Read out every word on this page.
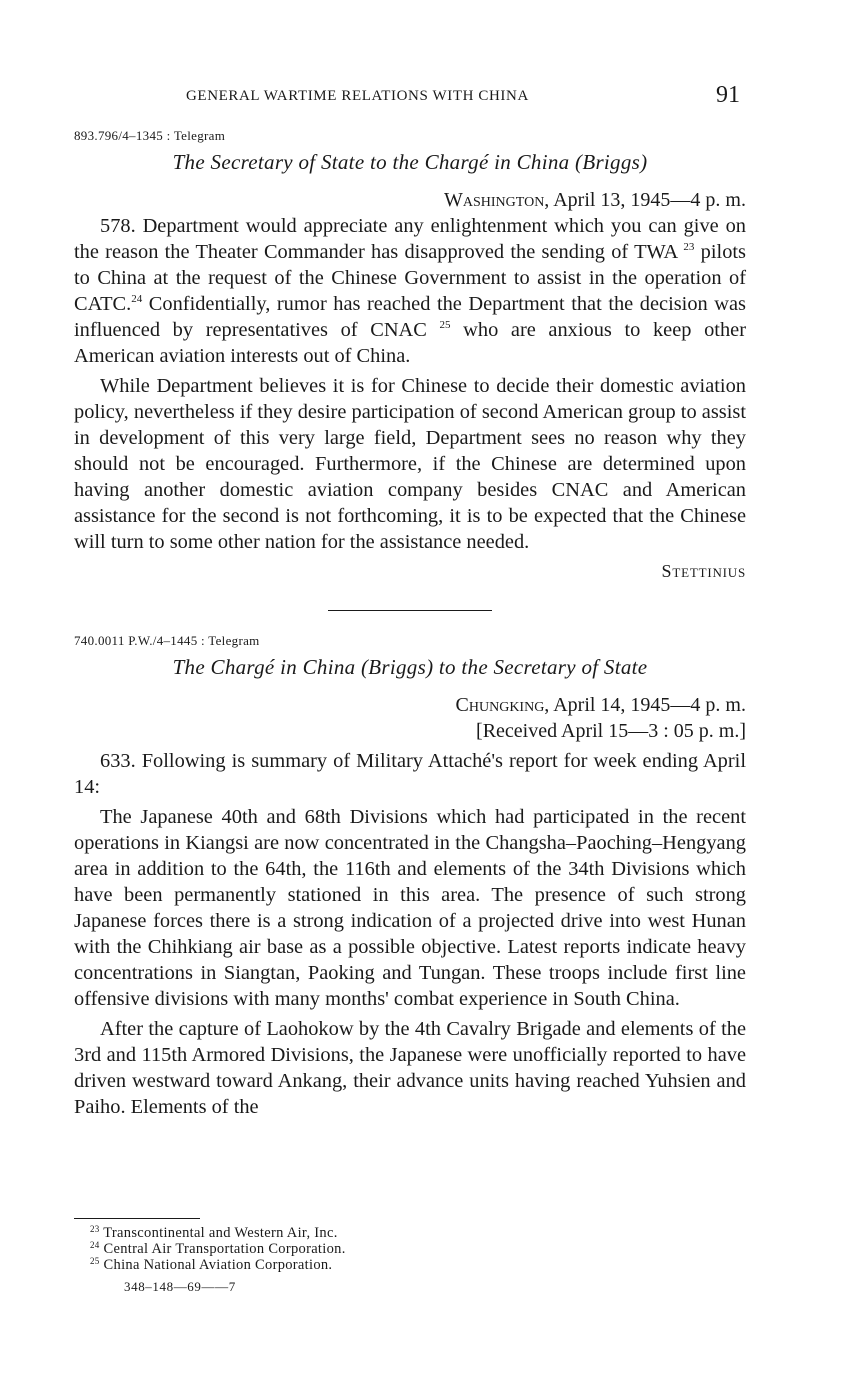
GENERAL WARTIME RELATIONS WITH CHINA	91

893.796/4–1345 : Telegram

The Secretary of State to the Chargé in China (Briggs)

Washington, April 13, 1945—4 p. m.

578. Department would appreciate any enlightenment which you can give on the reason the Theater Commander has disapproved the sending of TWA $^{23}$ pilots to China at the request of the Chinese Government to assist in the operation of CATC.$^{24}$ Confidentially, rumor has reached the Department that the decision was influenced by representatives of CNAC $^{25}$ who are anxious to keep other American aviation interests out of China.

While Department believes it is for Chinese to decide their domestic aviation policy, nevertheless if they desire participation of second American group to assist in development of this very large field, Department sees no reason why they should not be encouraged. Furthermore, if the Chinese are determined upon having another domestic aviation company besides CNAC and American assistance for the second is not forthcoming, it is to be expected that the Chinese will turn to some other nation for the assistance needed.

Stettinius

740.0011 P.W./4–1445 : Telegram

The Chargé in China (Briggs) to the Secretary of State

Chungking, April 14, 1945—4 p. m.

[Received April 15—3 : 05 p. m.]

633. Following is summary of Military Attaché's report for week ending April 14:

The Japanese 40th and 68th Divisions which had participated in the recent operations in Kiangsi are now concentrated in the Changsha–Paoching–Hengyang area in addition to the 64th, the 116th and elements of the 34th Divisions which have been permanently stationed in this area. The presence of such strong Japanese forces there is a strong indication of a projected drive into west Hunan with the Chihkiang air base as a possible objective. Latest reports indicate heavy concentrations in Siangtan, Paoking and Tungan. These troops include first line offensive divisions with many months' combat experience in South China.

After the capture of Laohokow by the 4th Cavalry Brigade and elements of the 3rd and 115th Armored Divisions, the Japanese were unofficially reported to have driven westward toward Ankang, their advance units having reached Yuhsien and Paiho. Elements of the

$^{23}$ Transcontinental and Western Air, Inc.

$^{24}$ Central Air Transportation Corporation.

$^{25}$ China National Aviation Corporation.

348–148—69——7
